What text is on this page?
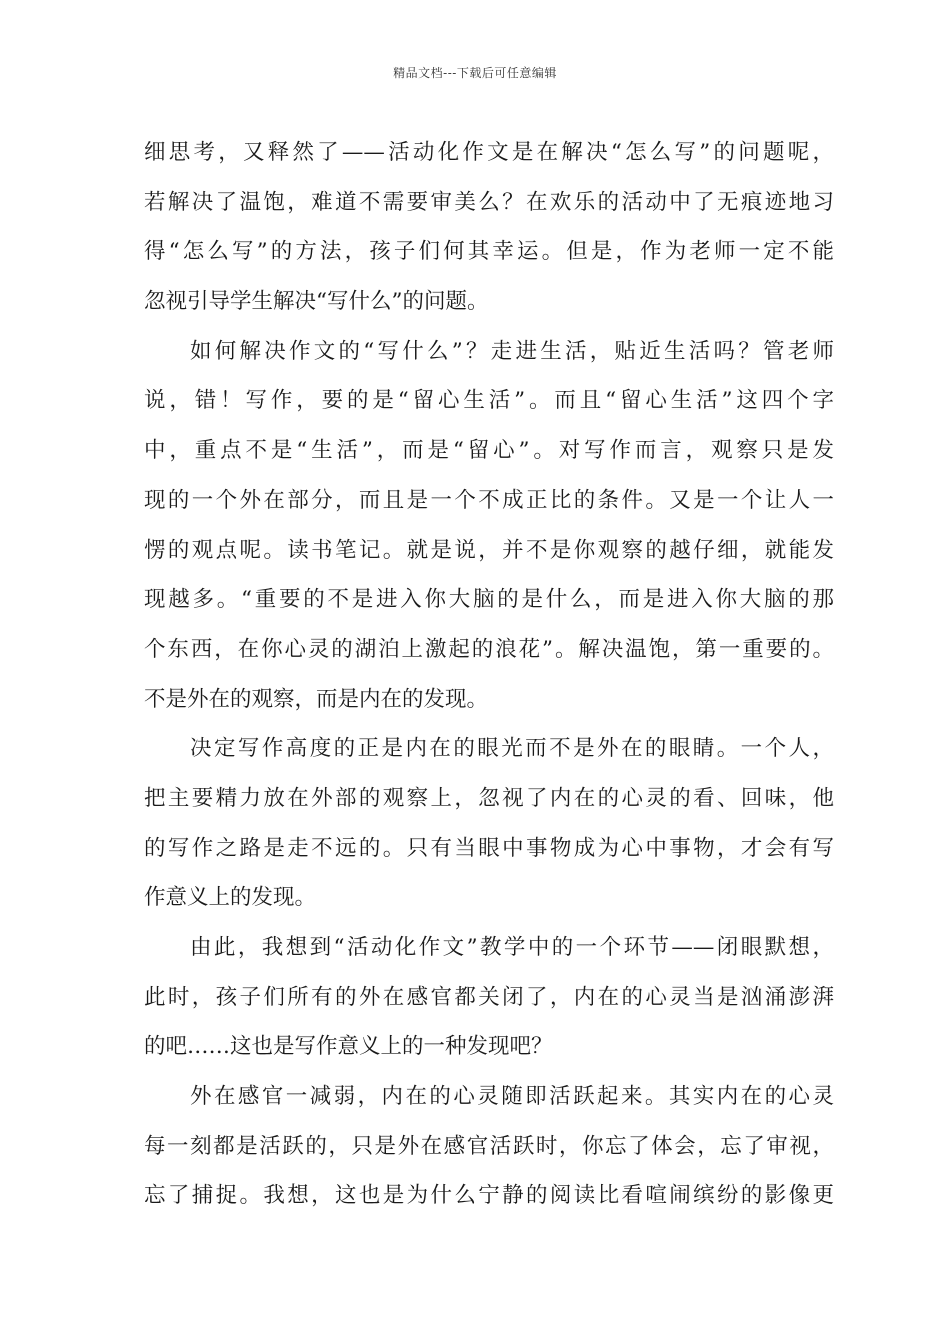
精品文档---下载后可任意编辑
细思考，又释然了——活动化作文是在解决“怎么写”的问题呢，
若解决了温饱，难道不需要审美么？在欢乐的活动中了无痕迹地习
得“怎么写”的方法，孩子们何其幸运。但是，作为老师一定不能
忽视引导学生解决“写什么”的问题。
如何解决作文的“写什么”？走进生活，贴近生活吗？管老师
说，错！写作，要的是“留心生活”。而且“留心生活”这四个字
中，重点不是“生活”，而是“留心”。对写作而言，观察只是发
现的一个外在部分，而且是一个不成正比的条件。又是一个让人一
愣的观点呢。读书笔记。就是说，并不是你观察的越仔细，就能发
现越多。“重要的不是进入你大脑的是什么，而是进入你大脑的那
个东西，在你心灵的湖泊上激起的浪花”。解决温饱，第一重要的。
不是外在的观察，而是内在的发现。
决定写作高度的正是内在的眼光而不是外在的眼睛。一个人，
把主要精力放在外部的观察上，忽视了内在的心灵的看、回味，他
的写作之路是走不远的。只有当眼中事物成为心中事物，才会有写
作意义上的发现。
由此，我想到“活动化作文”教学中的一个环节——闭眼默想，
此时，孩子们所有的外在感官都关闭了，内在的心灵当是汹涌澎湃
的吧……这也是写作意义上的一种发现吧？
外在感官一减弱，内在的心灵随即活跃起来。其实内在的心灵
每一刻都是活跃的，只是外在感官活跃时，你忘了体会，忘了审视，
忘了捕捉。我想，这也是为什么宁静的阅读比看喧闹缤纷的影像更
